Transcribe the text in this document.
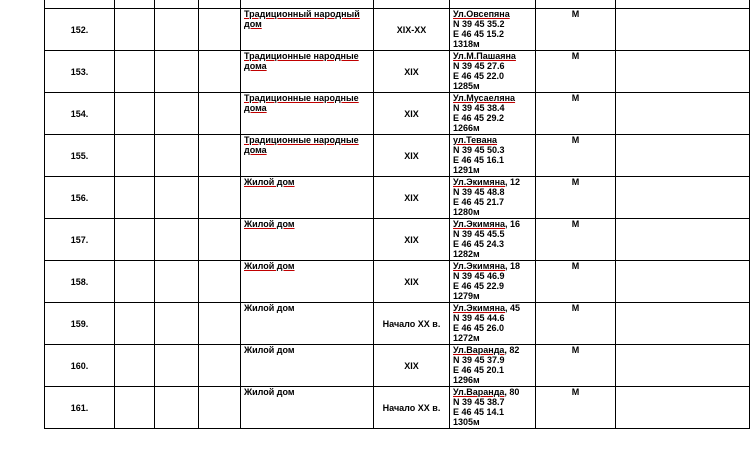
152.				Традиционный народный дом	XIX-XX	Ул.Овсепяна
N 39 45 35.2
E 46 45 15.2
1318м	M	
153.				Традиционные народные дома	XIX	Ул.М.Пашаяна
N 39 45 27.6
E 46 45 22.0
1285м	M	
154.				Традиционные народные дома	XIX	Ул.Мусаеляна
N 39 45 38.4
E 46 45 29.2
1266м	M	
155.				Традиционные народные дома	XIX	ул.Тевана
N 39 45 50.3
E 46 45 16.1
1291м	M	
156.				Жилой дом	XIX	Ул.Экимяна, 12
N 39 45 48.8
E 46 45 21.7
1280м	M	
157.				Жилой дом	XIX	Ул.Экимяна, 16
N 39 45 45.5
E 46 45 24.3
1282м	M	
158.				Жилой дом	XIX	Ул.Экимяна, 18
N 39 45 46.9
E 46 45 22.9
1279м	M	
159.				Жилой дом	Начало XX в.	Ул.Экимяна, 45
N 39 45 44.6
E 46 45 26.0
1272м	M	
160.				Жилой дом	XIX	Ул.Варанда, 82
N 39 45 37.9
E 46 45 20.1
1296м	M	
161.				Жилой дом	Начало XX в.	Ул.Варанда, 80
N 39 45 38.7
E 46 45 14.1
1305м	M	
